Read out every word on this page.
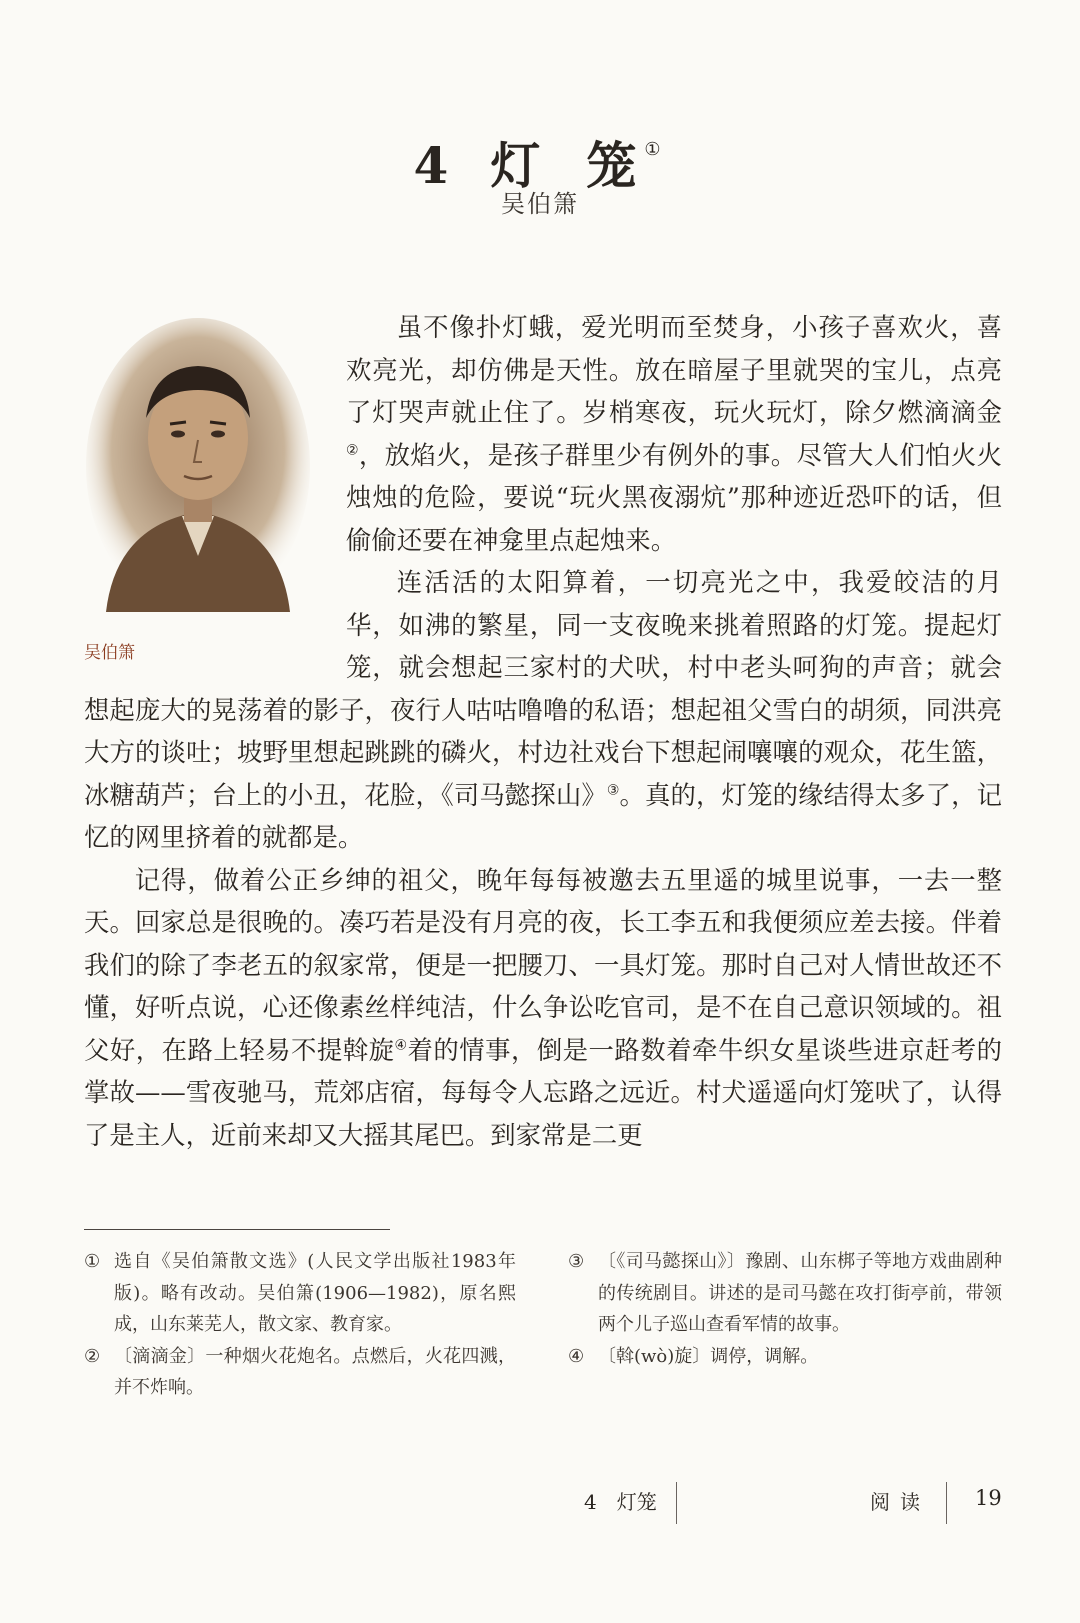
4 灯 笼 ①
吴伯箫
吴伯箫

虽不像扑灯蛾，爱光明而至焚身，小孩子喜欢火，喜欢亮光，却仿佛是天性。放在暗屋子里就哭的宝儿，点亮了灯哭声就止住了。岁梢寒夜，玩火玩灯，除夕燃滴滴金②，放焰火，是孩子群里少有例外的事。尽管大人们怕火火烛烛的危险，要说“玩火黑夜溺炕”那种迹近恐吓的话，但偷偷还要在神龛里点起烛来。

连活活的太阳算着，一切亮光之中，我爱皎洁的月华，如沸的繁星，同一支夜晚来挑着照路的灯笼。提起灯笼，就会想起三家村的犬吠，村中老头呵狗的声音；就会想起庞大的晃荡着的影子，夜行人咕咕噜噜的私语；想起祖父雪白的胡须，同洪亮大方的谈吐；坡野里想起跳跳的磷火，村边社戏台下想起闹嚷嚷的观众，花生篮，冰糖葫芦；台上的小丑，花脸，《司马懿探山》③。真的，灯笼的缘结得太多了，记忆的网里挤着的就都是。

记得，做着公正乡绅的祖父，晚年每每被邀去五里遥的城里说事，一去一整天。回家总是很晚的。凑巧若是没有月亮的夜，长工李五和我便须应差去接。伴着我们的除了李老五的叙家常，便是一把腰刀、一具灯笼。那时自己对人情世故还不懂，好听点说，心还像素丝样纯洁，什么争讼吃官司，是不在自己意识领域的。祖父好，在路上轻易不提斡旋④着的情事，倒是一路数着牵牛织女星谈些进京赶考的掌故——雪夜驰马，荒郊店宿，每每令人忘路之远近。村犬遥遥向灯笼吠了，认得了是主人，近前来却又大摇其尾巴。到家常是二更

① 选自《吴伯箫散文选》(人民文学出版社1983年版)。略有改动。吴伯箫(1906—1982)，原名熙成，山东莱芜人，散文家、教育家。
② 〔滴滴金〕一种烟火花炮名。点燃后，火花四溅，并不炸响。
③ 〔《司马懿探山》〕豫剧、山东梆子等地方戏曲剧种的传统剧目。讲述的是司马懿在攻打街亭前，带领两个儿子巡山查看军情的故事。
④ 〔斡(wò)旋〕调停，调解。
4　灯笼	阅读 19
